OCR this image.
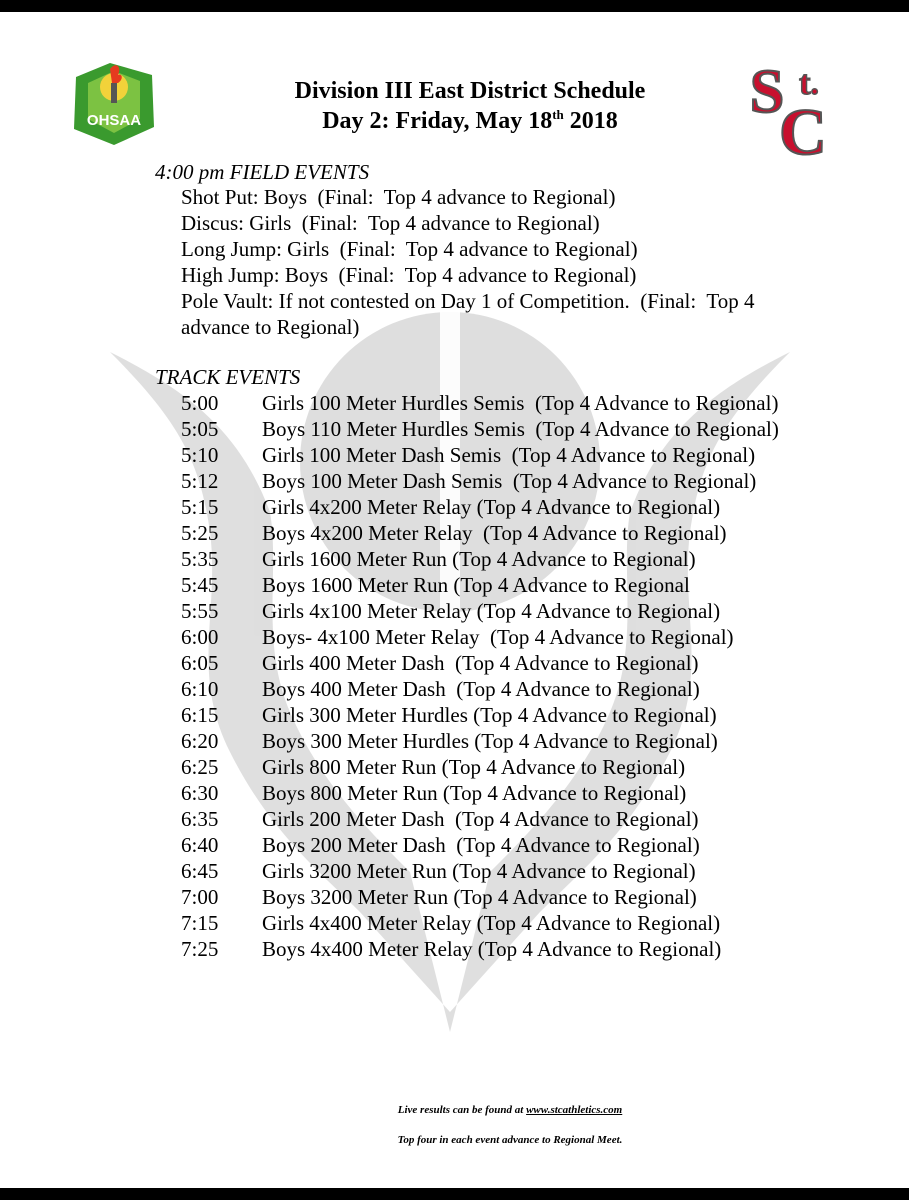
OHSAA	S t.
C
Division III East District Schedule
Day 2: Friday, May 18th 2018
4:00 pm FIELD EVENTS
Shot Put: Boys  (Final:  Top 4 advance to Regional)
Discus: Girls  (Final:  Top 4 advance to Regional)
Long Jump: Girls  (Final:  Top 4 advance to Regional)
High Jump: Boys  (Final:  Top 4 advance to Regional)
Pole Vault: If not contested on Day 1 of Competition.  (Final:  Top 4
advance to Regional)
TRACK EVENTS
5:00 Girls 100 Meter Hurdles Semis  (Top 4 Advance to Regional)
5:05 Boys 110 Meter Hurdles Semis  (Top 4 Advance to Regional)
5:10 Girls 100 Meter Dash Semis  (Top 4 Advance to Regional)
5:12 Boys 100 Meter Dash Semis  (Top 4 Advance to Regional)
5:15 Girls 4x200 Meter Relay (Top 4 Advance to Regional)
5:25 Boys 4x200 Meter Relay  (Top 4 Advance to Regional)
5:35 Girls 1600 Meter Run (Top 4 Advance to Regional)
5:45 Boys 1600 Meter Run (Top 4 Advance to Regional
5:55 Girls 4x100 Meter Relay (Top 4 Advance to Regional)
6:00 Boys- 4x100 Meter Relay  (Top 4 Advance to Regional)
6:05 Girls 400 Meter Dash  (Top 4 Advance to Regional)
6:10 Boys 400 Meter Dash  (Top 4 Advance to Regional)
6:15 Girls 300 Meter Hurdles (Top 4 Advance to Regional)
6:20 Boys 300 Meter Hurdles (Top 4 Advance to Regional)
6:25 Girls 800 Meter Run (Top 4 Advance to Regional)
6:30 Boys 800 Meter Run (Top 4 Advance to Regional)
6:35 Girls 200 Meter Dash  (Top 4 Advance to Regional)
6:40 Boys 200 Meter Dash  (Top 4 Advance to Regional)
6:45 Girls 3200 Meter Run (Top 4 Advance to Regional)
7:00 Boys 3200 Meter Run (Top 4 Advance to Regional)
7:15 Girls 4x400 Meter Relay (Top 4 Advance to Regional)
7:25 Boys 4x400 Meter Relay (Top 4 Advance to Regional)
Live results can be found at www.stcathletics.com
Top four in each event advance to Regional Meet.
